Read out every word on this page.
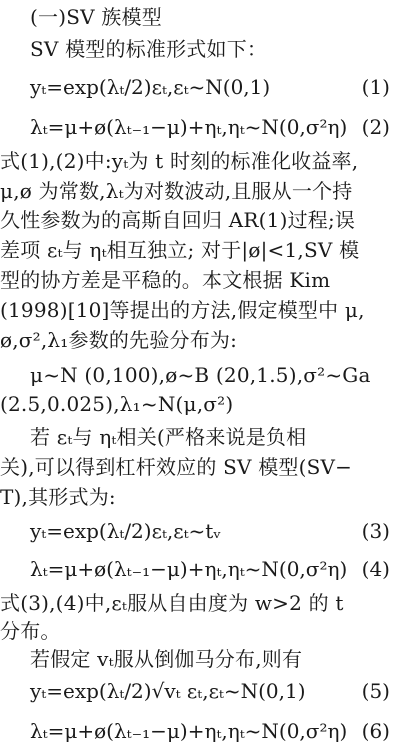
(一)SV 族模型
SV 模型的标准形式如下：
yₜ=exp(λₜ/2)εₜ,εₜ~N(0,1)	(1)
λₜ=μ+ø(λₜ₋₁−μ)+ηₜ,ηₜ~N(0,σ²η) (2)
式(1),(2)中:yₜ为 t 时刻的标准化收益率,
μ,ø 为常数,λₜ为对数波动,且服从一个持
久性参数为的高斯自回归 AR(1)过程;误
差项 εₜ与 ηₜ相互独立; 对于|ø|<1,SV 模
型的协方差是平稳的。本文根据 Kim
(1998)[10]等提出的方法,假定模型中 μ,
ø,σ²,λ₁参数的先验分布为:
μ~N (0,100),ø~B (20,1.5),σ²~Ga
(2.5,0.025),λ₁~N(μ,σ²)
若 εₜ与 ηₜ相关(严格来说是负相
关),可以得到杠杆效应的 SV 模型(SV−
T),其形式为:
yₜ=exp(λₜ/2)εₜ,εₜ~tᵥ	(3)
λₜ=μ+ø(λₜ₋₁−μ)+ηₜ,ηₜ~N(0,σ²η) (4)
式(3),(4)中,εₜ服从自由度为 w>2 的 t
分布。
若假定 vₜ服从倒伽马分布,则有
yₜ=exp(λₜ/2)√vₜ εₜ,εₜ~N(0,1)	(5)
λₜ=μ+ø(λₜ₋₁−μ)+ηₜ,ηₜ~N(0,σ²η) (6)
